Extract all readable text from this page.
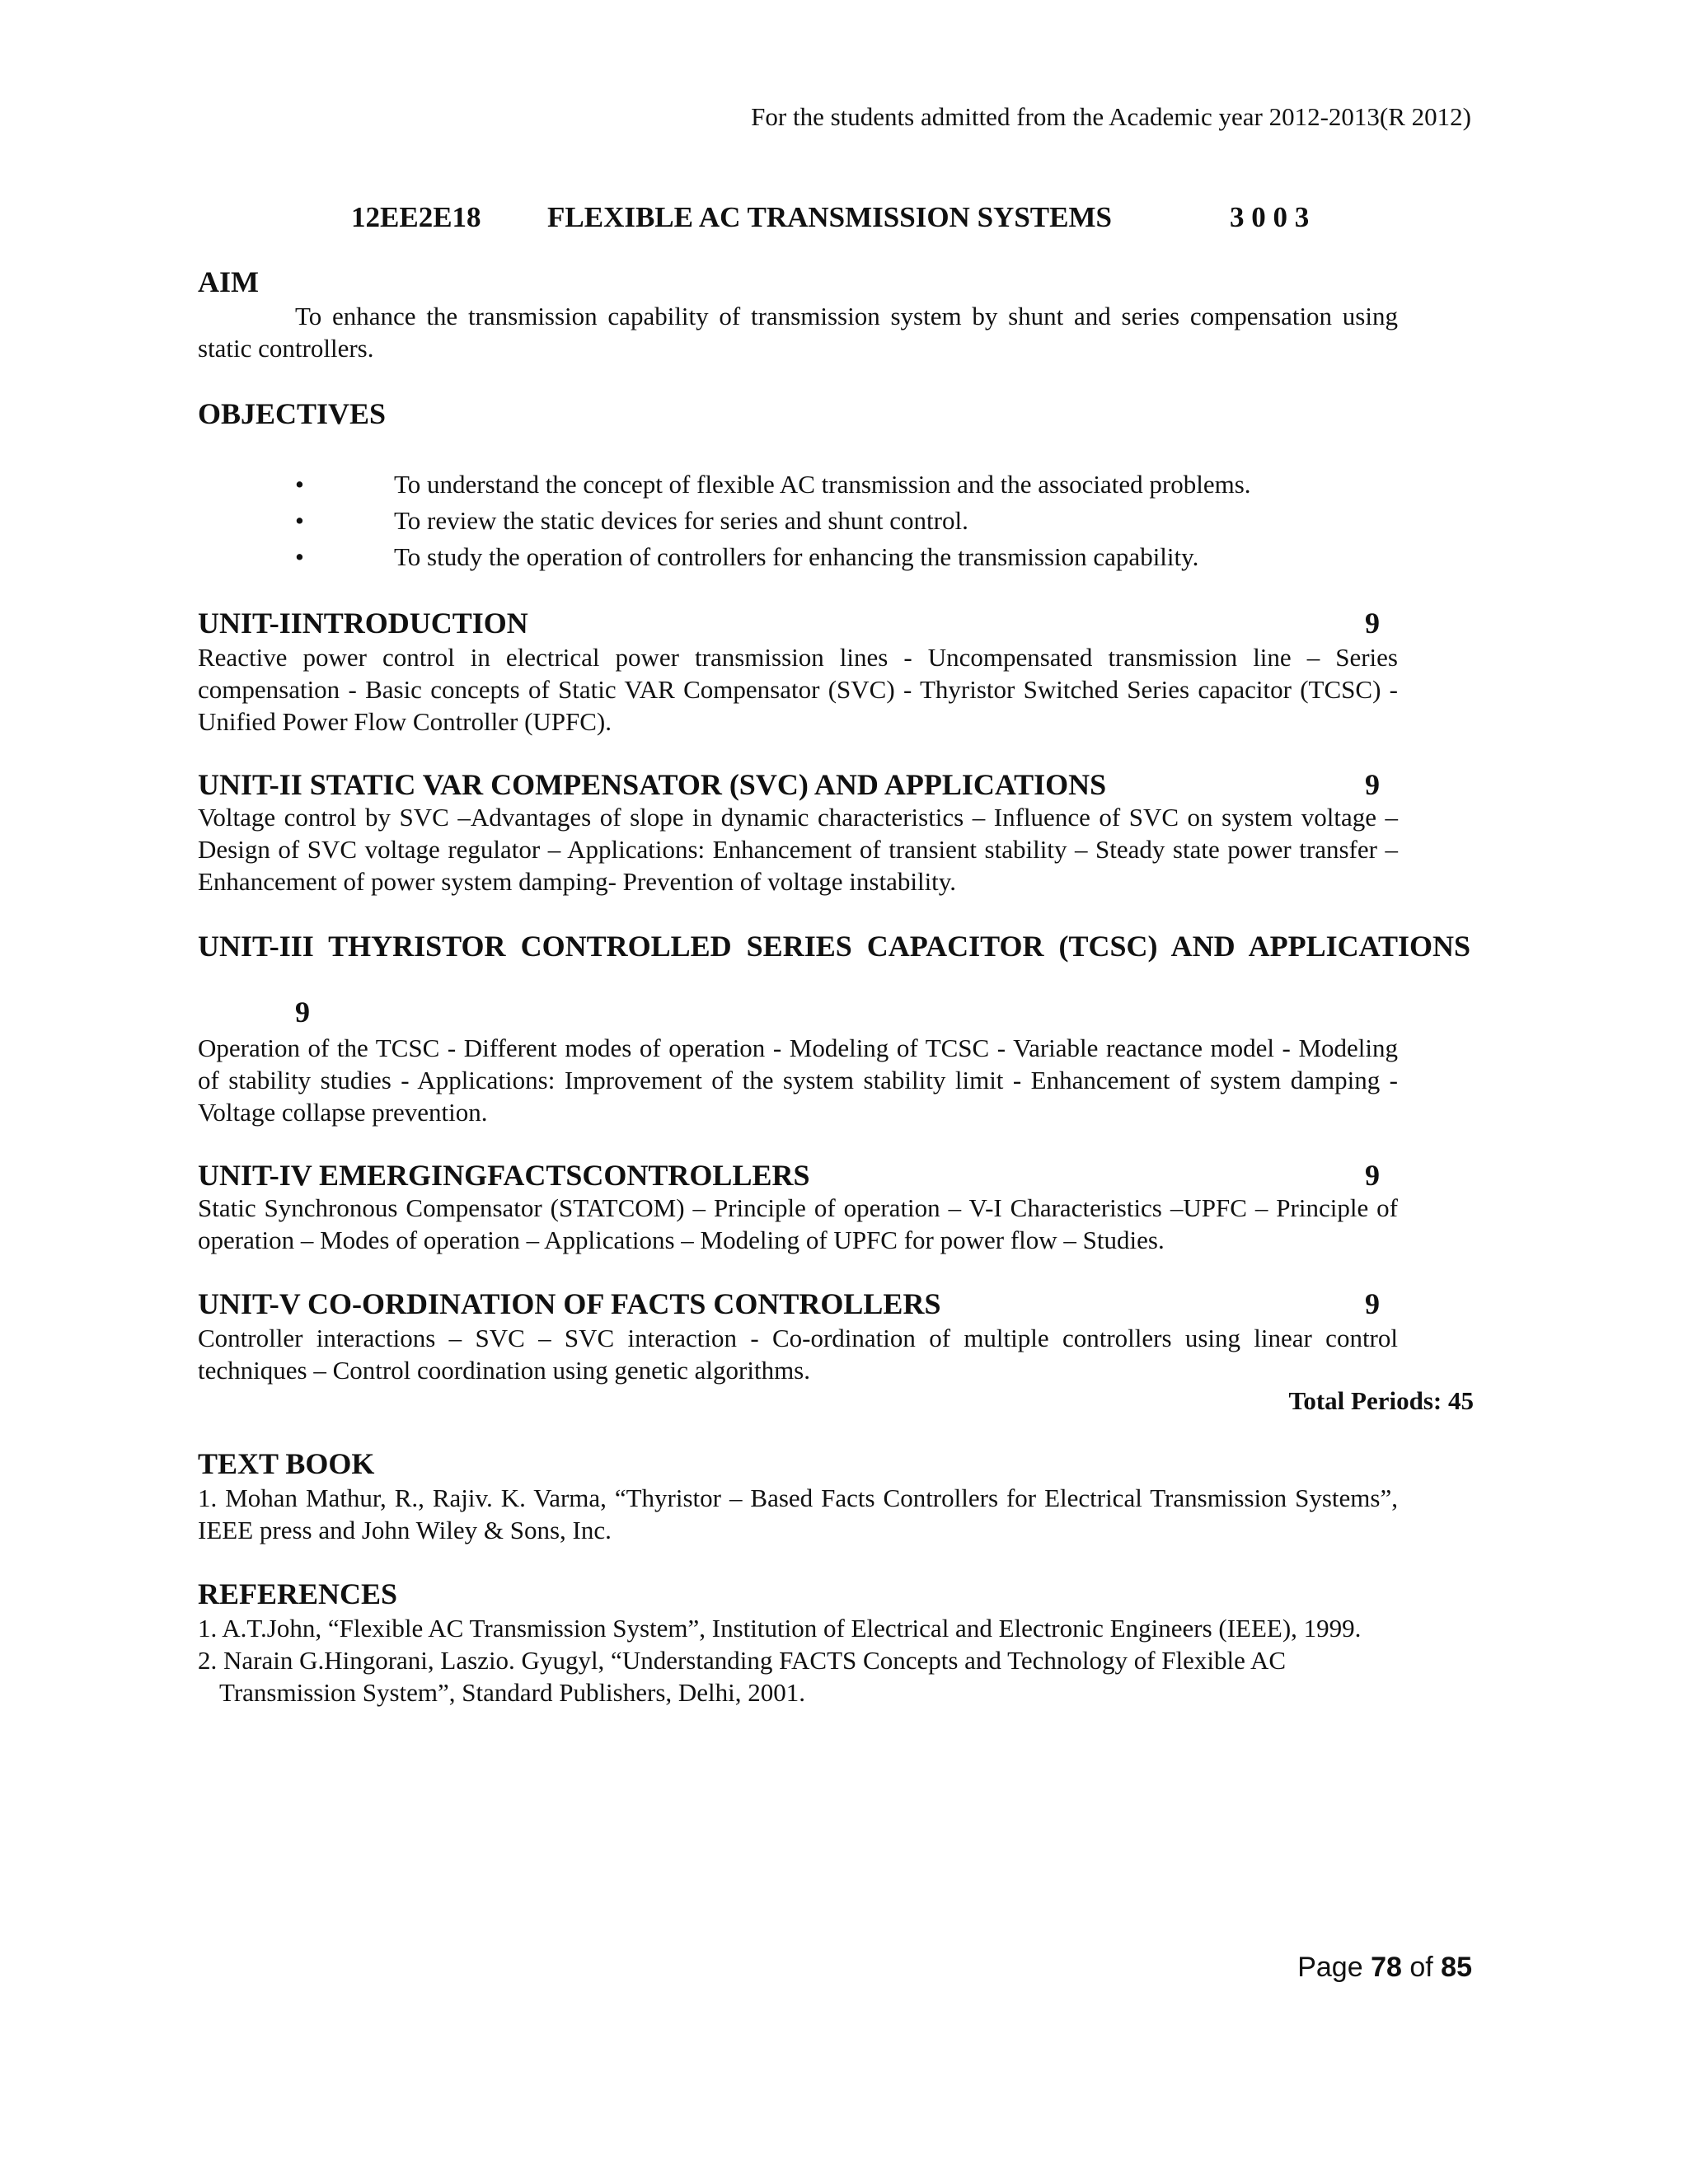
For the students admitted from the Academic year 2012-2013(R 2012)
12EE2E18 FLEXIBLE AC TRANSMISSION SYSTEMS	3 0 0 3
AIM
To enhance the transmission capability of transmission system by shunt and series compensation using static controllers.
OBJECTIVES
•	To understand the concept of flexible AC transmission and the associated problems.
•	To review the static devices for series and shunt control.
•	To study the operation of controllers for enhancing the transmission capability.
UNIT-IINTRODUCTION	9
Reactive power control in electrical power transmission lines - Uncompensated transmission line – Series compensation - Basic concepts of Static VAR Compensator (SVC) - Thyristor Switched Series capacitor (TCSC) - Unified Power Flow Controller (UPFC).
UNIT-II STATIC VAR COMPENSATOR (SVC) AND APPLICATIONS	9
Voltage control by SVC –Advantages of slope in dynamic characteristics – Influence of SVC on system voltage – Design of SVC voltage regulator – Applications: Enhancement of transient stability – Steady state power transfer – Enhancement of power system damping- Prevention of voltage instability.
UNIT-III THYRISTOR CONTROLLED SERIES CAPACITOR (TCSC) AND APPLICATIONS
9
Operation of the TCSC - Different modes of operation - Modeling of TCSC - Variable reactance model - Modeling of stability studies - Applications: Improvement of the system stability limit - Enhancement of system damping - Voltage collapse prevention.
UNIT-IV EMERGINGFACTSCONTROLLERS	9
Static Synchronous Compensator (STATCOM) – Principle of operation – V-I Characteristics –UPFC – Principle of operation – Modes of operation – Applications – Modeling of UPFC for power flow – Studies.
UNIT-V CO-ORDINATION OF FACTS CONTROLLERS	9
Controller interactions – SVC – SVC interaction - Co-ordination of multiple controllers using linear control techniques – Control coordination using genetic algorithms.
Total Periods: 45
TEXT BOOK
1. Mohan Mathur, R., Rajiv. K. Varma, “Thyristor – Based Facts Controllers for Electrical Transmission Systems”, IEEE press and John Wiley & Sons, Inc.
REFERENCES
1. A.T.John, “Flexible AC Transmission System”, Institution of Electrical and Electronic Engineers (IEEE), 1999.
2. Narain G.Hingorani, Laszio. Gyugyl, “Understanding FACTS Concepts and Technology of Flexible AC Transmission System”, Standard Publishers, Delhi, 2001.
Page 78 of 85
